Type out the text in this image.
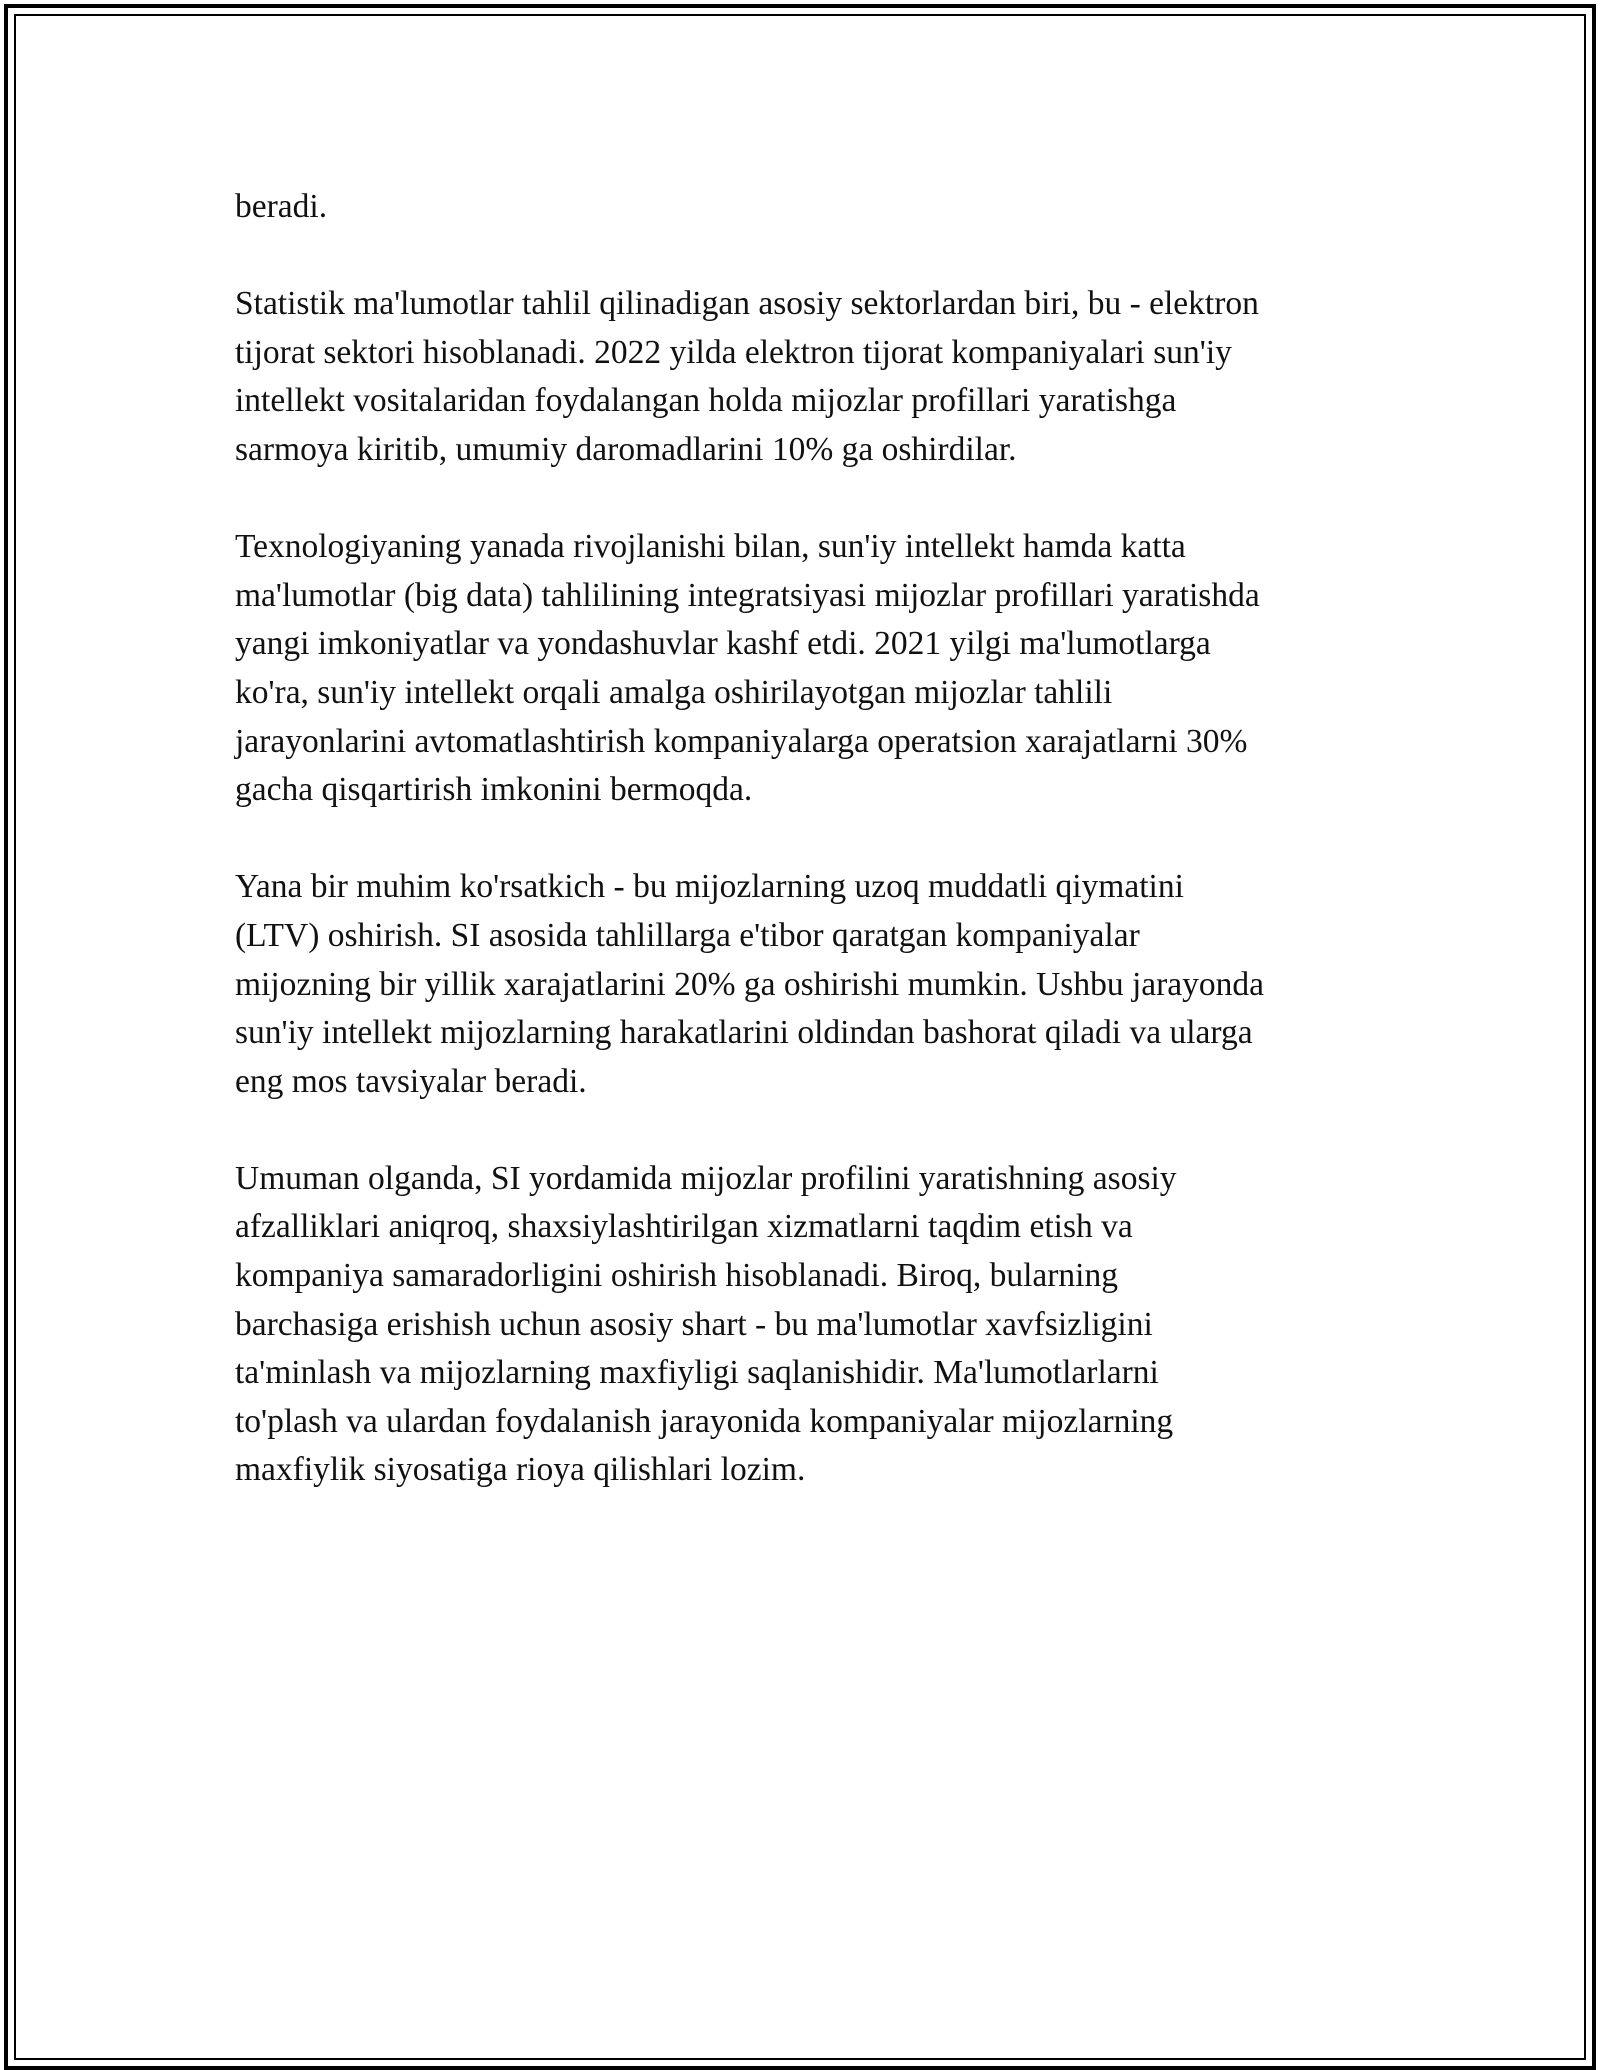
beradi.

Statistik ma'lumotlar tahlil qilinadigan asosiy sektorlardan biri, bu - elektron
tijorat sektori hisoblanadi. 2022 yilda elektron tijorat kompaniyalari sun'iy
intellekt vositalaridan foydalangan holda mijozlar profillari yaratishga
sarmoya kiritib, umumiy daromadlarini 10% ga oshirdilar.

Texnologiyaning yanada rivojlanishi bilan, sun'iy intellekt hamda katta
ma'lumotlar (big data) tahlilining integratsiyasi mijozlar profillari yaratishda
yangi imkoniyatlar va yondashuvlar kashf etdi. 2021 yilgi ma'lumotlarga
ko'ra, sun'iy intellekt orqali amalga oshirilayotgan mijozlar tahlili
jarayonlarini avtomatlashtirish kompaniyalarga operatsion xarajatlarni 30%
gacha qisqartirish imkonini bermoqda.

Yana bir muhim ko'rsatkich - bu mijozlarning uzoq muddatli qiymatini
(LTV) oshirish. SI asosida tahlillarga e'tibor qaratgan kompaniyalar
mijozning bir yillik xarajatlarini 20% ga oshirishi mumkin. Ushbu jarayonda
sun'iy intellekt mijozlarning harakatlarini oldindan bashorat qiladi va ularga
eng mos tavsiyalar beradi.

Umuman olganda, SI yordamida mijozlar profilini yaratishning asosiy
afzalliklari aniqroq, shaxsiylashtirilgan xizmatlarni taqdim etish va
kompaniya samaradorligini oshirish hisoblanadi. Biroq, bularning
barchasiga erishish uchun asosiy shart - bu ma'lumotlar xavfsizligini
ta'minlash va mijozlarning maxfiyligi saqlanishidir. Ma'lumotlarlarni
to'plash va ulardan foydalanish jarayonida kompaniyalar mijozlarning
maxfiylik siyosatiga rioya qilishlari lozim.
